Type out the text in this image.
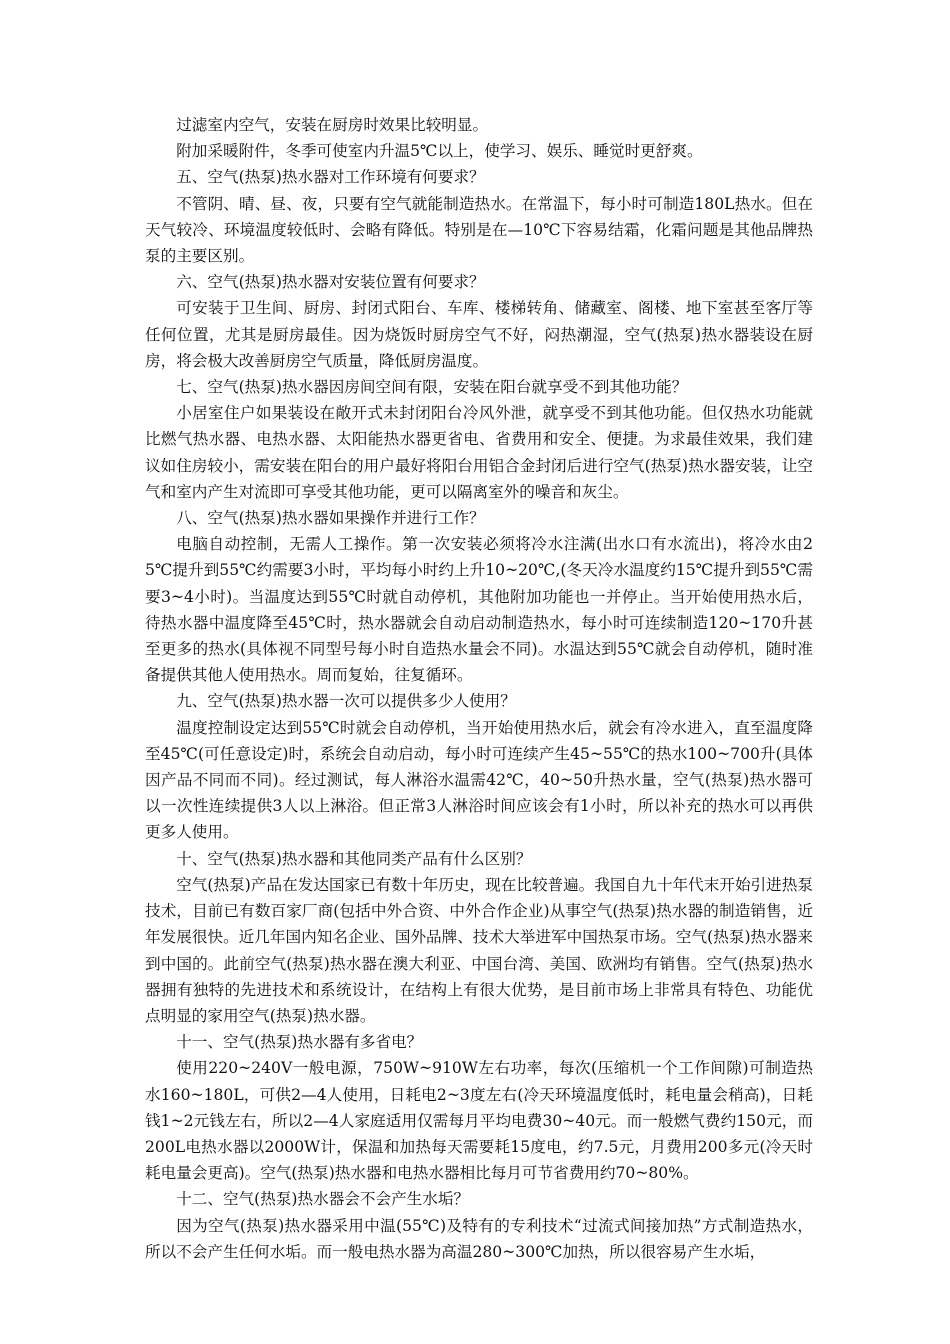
过滤室内空气，安装在厨房时效果比较明显。

附加采暖附件，冬季可使室内升温5℃以上，使学习、娱乐、睡觉时更舒爽。

五、空气(热泵)热水器对工作环境有何要求？

不管阴、晴、昼、夜，只要有空气就能制造热水。在常温下，每小时可制造180L热水。但在天气较冷、环境温度较低时、会略有降低。特别是在—10℃下容易结霜，化霜问题是其他品牌热泵的主要区别。

六、空气(热泵)热水器对安装位置有何要求？

可安装于卫生间、厨房、封闭式阳台、车库、楼梯转角、储藏室、阁楼、地下室甚至客厅等任何位置，尤其是厨房最佳。因为烧饭时厨房空气不好，闷热潮湿，空气(热泵)热水器装设在厨房，将会极大改善厨房空气质量，降低厨房温度。

七、空气(热泵)热水器因房间空间有限，安装在阳台就享受不到其他功能？

小居室住户如果装设在敞开式未封闭阳台冷风外泄，就享受不到其他功能。但仅热水功能就比燃气热水器、电热水器、太阳能热水器更省电、省费用和安全、便捷。为求最佳效果，我们建议如住房较小，需安装在阳台的用户最好将阳台用铝合金封闭后进行空气(热泵)热水器安装，让空气和室内产生对流即可享受其他功能，更可以隔离室外的噪音和灰尘。

八、空气(热泵)热水器如果操作并进行工作？

电脑自动控制，无需人工操作。第一次安装必须将冷水注满(出水口有水流出)，将冷水由25℃提升到55℃约需要3小时，平均每小时约上升10~20℃,(冬天冷水温度约15℃提升到55℃需要3~4小时)。当温度达到55℃时就自动停机，其他附加功能也一并停止。当开始使用热水后，待热水器中温度降至45℃时，热水器就会自动启动制造热水，每小时可连续制造120~170升甚至更多的热水(具体视不同型号每小时自造热水量会不同)。水温达到55℃就会自动停机，随时准备提供其他人使用热水。周而复始，往复循环。

九、空气(热泵)热水器一次可以提供多少人使用？

温度控制设定达到55℃时就会自动停机，当开始使用热水后，就会有冷水进入，直至温度降至45℃(可任意设定)时，系统会自动启动，每小时可连续产生45~55℃的热水100~700升(具体因产品不同而不同)。经过测试，每人淋浴水温需42℃，40~50升热水量，空气(热泵)热水器可以一次性连续提供3人以上淋浴。但正常3人淋浴时间应该会有1小时，所以补充的热水可以再供更多人使用。

十、空气(热泵)热水器和其他同类产品有什么区别？

空气(热泵)产品在发达国家已有数十年历史，现在比较普遍。我国自九十年代末开始引进热泵技术，目前已有数百家厂商(包括中外合资、中外合作企业)从事空气(热泵)热水器的制造销售，近年发展很快。近几年国内知名企业、国外品牌、技术大举进军中国热泵市场。空气(热泵)热水器来到中国的。此前空气(热泵)热水器在澳大利亚、中国台湾、美国、欧洲均有销售。空气(热泵)热水器拥有独特的先进技术和系统设计，在结构上有很大优势，是目前市场上非常具有特色、功能优点明显的家用空气(热泵)热水器。

十一、空气(热泵)热水器有多省电？

使用220~240V一般电源，750W~910W左右功率，每次(压缩机一个工作间隙)可制造热水160~180L，可供2—4人使用，日耗电2~3度左右(冷天环境温度低时，耗电量会稍高)，日耗钱1~2元钱左右，所以2—4人家庭适用仅需每月平均电费30~40元。而一般燃气费约150元，而200L电热水器以2000W计，保温和加热每天需要耗15度电，约7.5元，月费用200多元(冷天时耗电量会更高)。空气(热泵)热水器和电热水器相比每月可节省费用约70~80%。

十二、空气(热泵)热水器会不会产生水垢？

因为空气(热泵)热水器采用中温(55℃)及特有的专利技术“过流式间接加热”方式制造热水，所以不会产生任何水垢。而一般电热水器为高温280~300℃加热，所以很容易产生水垢，
